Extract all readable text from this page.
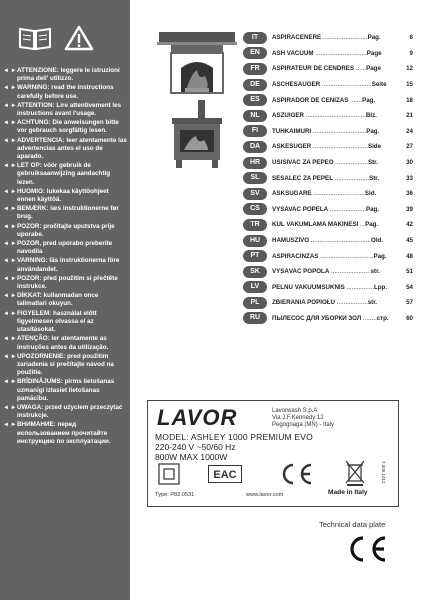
◄ ► ATTENZIONE: leggere le istruzioni prima dell' utilizzo.
◄ ► WARNING: read the instructions carefully before use.
◄ ► ATTENTION: Lire attentivement les instructions avant l'usage.
◄ ► ACHTUNG: Die anweisungen bitte vor gebrauch sorgfältig lesen.
◄ ► ADVERTENCIA: leer atentamente las advertencias antes el uso de aparado.
◄ ► LET OP: vóór gebruik de gebruiksaanwijzing aandachtig lezen.
◄ ► HUOMIO: lukekaa käyttöohjeet ennen käyttöä.
◄ ► BEMÆRK: læs instruktionerne før brug.
◄ ► POZOR: pročitajte uputstva prije uporabe.
◄ ► POZOR, pred uporabo preberite navodila
◄ ► VARNING: läs instruktionerna före användandet.
◄ ► POZOR: před použitím si přečtěte instrukce.
◄ ► DİKKAT: kullanmadan once talimatlari okuyun.
◄ ► FIGYELEM: használat előtt figyelmesen olvassa el az utasításokat.
◄ ► ATENÇÃO: ler atentamente as instruções antes da utilização.
◄ ► UPOZORNENIE: pred použitím zariadenia si prečítajte návod na použitie.
◄ ► BRĪDINĀJUMS: pirms lietošanas uzmanīgi izlasiet lietošanas pamācību.
◄ ► UWAGA: przed użyciem przeczytać instrukcje.
◄ ► ВНИМАНИЕ: перед использованием прочитайте инструкцию по эксплуатации.
IT	ASPIRACENERE ..........................Pag.	6
EN	ASH VACUUM ..............................Page	9
FR	ASPIRATEUR DE CENDRES ......Page	12
DE	ASCHESAUGER .............................Seite	15
ES	ASPIRADOR DE CENIZAS .......Pag.	18
NL	ASZUIGER ...................................Blz.	21
FI	TUHKAIMURI ...............................Pag.	24
DA	ASKESUGER ................................Side	27
HR	USISIVAČ ZA PEPEO ...................Str.	30
SL	SESALEC ZA PEPEL ....................Str.	33
SV	ASKSUGARE ..............................Sid.	36
CS	VYSAVAČ POPELA .....................Pag.	39
TR	KÜL VAKUMLAMA MAKİNESİ ...Pag.	42
HU	HAMUSZÍVÓ ...................................Old.	45
PT	ASPIRACINZAS ...............................Pag.	48
SK	VYSÁVAČ POPOLA .......................str.	51
LV	PELNU VAKUUMSŪKNIS ................Lpp.	54
PL	ZBIERANIA POPIOŁU ..................str.	57
RU	ПЫЛЕСОС ДЛЯ УБОРКИ ЗОЛ ........стр.	60
LAVOR	Lavorwash S.p.A
Via J.F.Kennedy 12
Pegognaga (MN) - Italy
MODEL: ASHLEY 1000 PREMIUM EVO
220-240 V ~50/60 Hz
800W MAX 1000W
EAC
Type: P82.0531	www.lavor.com	Made in Italy
7.305.1012
Technical data plate
